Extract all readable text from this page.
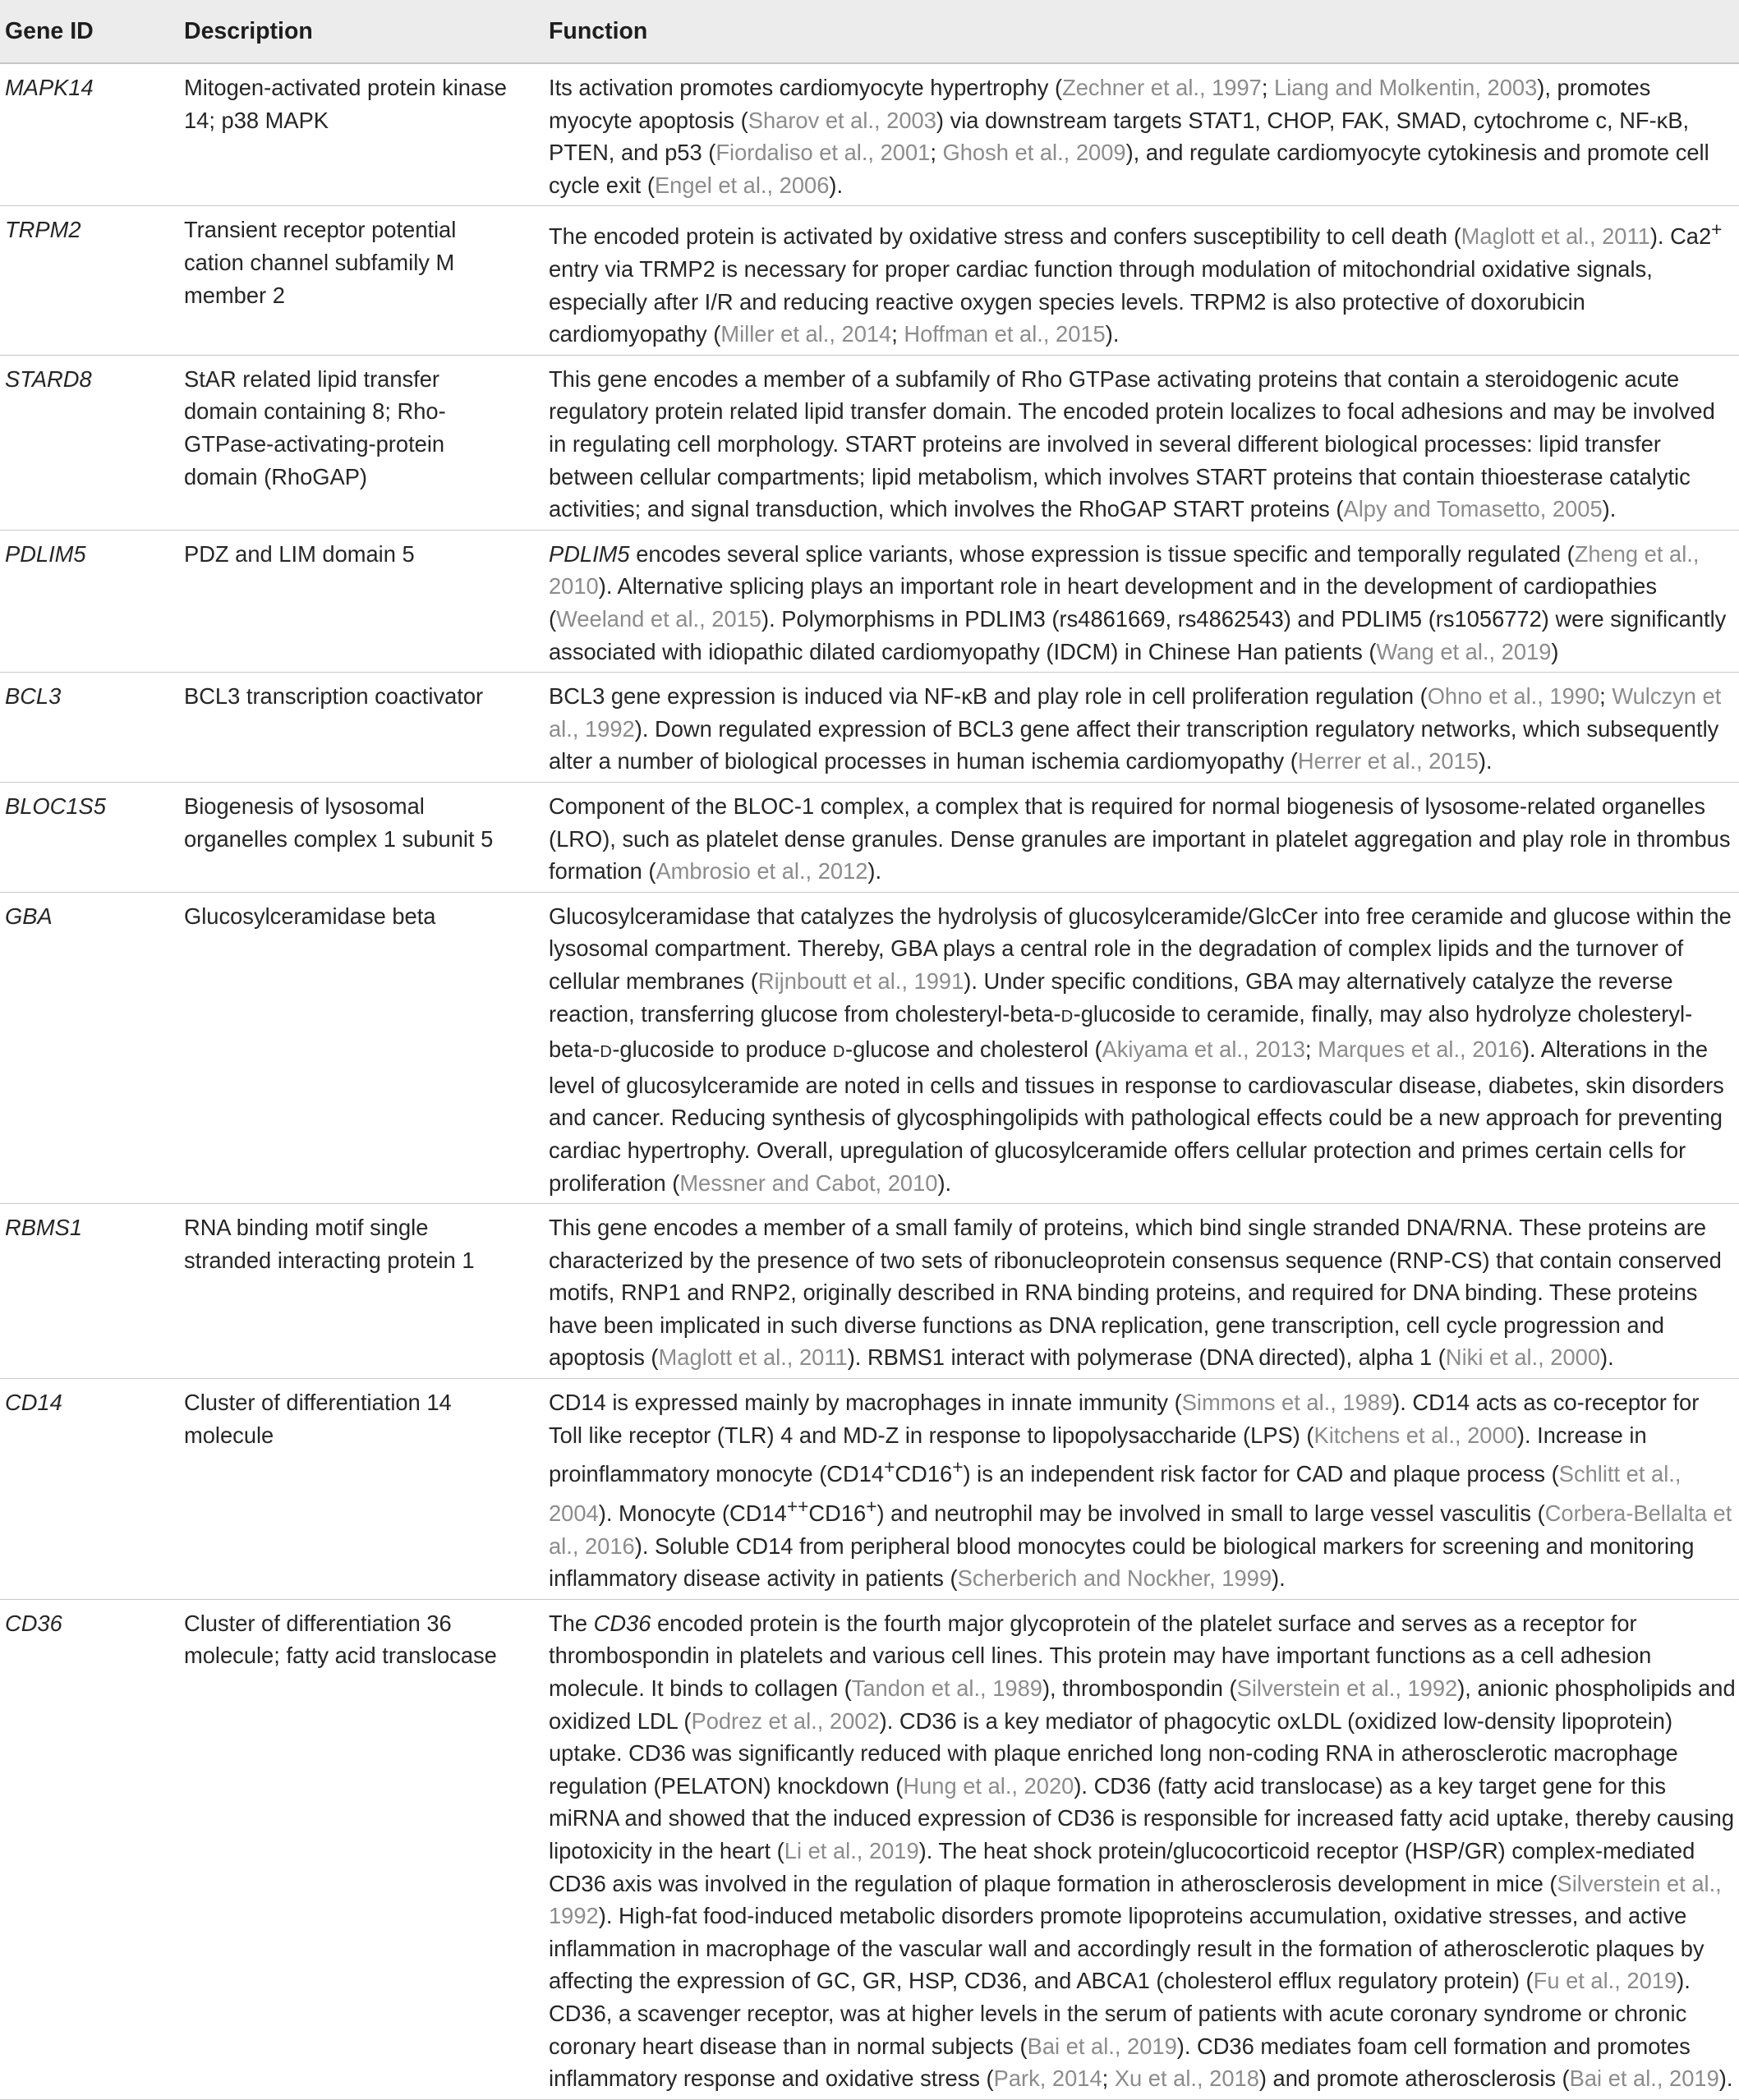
Gene ID	Description	Function
MAPK14	Mitogen-activated protein kinase 14; p38 MAPK	Its activation promotes cardiomyocyte hypertrophy (Zechner et al., 1997; Liang and Molkentin, 2003), promotes myocyte apoptosis (Sharov et al., 2003) via downstream targets STAT1, CHOP, FAK, SMAD, cytochrome c, NF-κB, PTEN, and p53 (Fiordaliso et al., 2001; Ghosh et al., 2009), and regulate cardiomyocyte cytokinesis and promote cell cycle exit (Engel et al., 2006).
TRPM2	Transient receptor potential cation channel subfamily M member 2	The encoded protein is activated by oxidative stress and confers susceptibility to cell death (Maglott et al., 2011). Ca2+ entry via TRMP2 is necessary for proper cardiac function through modulation of mitochondrial oxidative signals, especially after I/R and reducing reactive oxygen species levels. TRPM2 is also protective of doxorubicin cardiomyopathy (Miller et al., 2014; Hoffman et al., 2015).
STARD8	StAR related lipid transfer domain containing 8; Rho-GTPase-activating-protein domain (RhoGAP)	This gene encodes a member of a subfamily of Rho GTPase activating proteins that contain a steroidogenic acute regulatory protein related lipid transfer domain. The encoded protein localizes to focal adhesions and may be involved in regulating cell morphology. START proteins are involved in several different biological processes: lipid transfer between cellular compartments; lipid metabolism, which involves START proteins that contain thioesterase catalytic activities; and signal transduction, which involves the RhoGAP START proteins (Alpy and Tomasetto, 2005).
PDLIM5	PDZ and LIM domain 5	PDLIM5 encodes several splice variants, whose expression is tissue specific and temporally regulated (Zheng et al., 2010). Alternative splicing plays an important role in heart development and in the development of cardiopathies (Weeland et al., 2015). Polymorphisms in PDLIM3 (rs4861669, rs4862543) and PDLIM5 (rs1056772) were significantly associated with idiopathic dilated cardiomyopathy (IDCM) in Chinese Han patients (Wang et al., 2019)
BCL3	BCL3 transcription coactivator	BCL3 gene expression is induced via NF-κB and play role in cell proliferation regulation (Ohno et al., 1990; Wulczyn et al., 1992). Down regulated expression of BCL3 gene affect their transcription regulatory networks, which subsequently alter a number of biological processes in human ischemia cardiomyopathy (Herrer et al., 2015).
BLOC1S5	Biogenesis of lysosomal organelles complex 1 subunit 5	Component of the BLOC-1 complex, a complex that is required for normal biogenesis of lysosome-related organelles (LRO), such as platelet dense granules. Dense granules are important in platelet aggregation and play role in thrombus formation (Ambrosio et al., 2012).
GBA	Glucosylceramidase beta	Glucosylceramidase that catalyzes the hydrolysis of glucosylceramide/GlcCer into free ceramide and glucose within the lysosomal compartment. Thereby, GBA plays a central role in the degradation of complex lipids and the turnover of cellular membranes (Rijnboutt et al., 1991). Under specific conditions, GBA may alternatively catalyze the reverse reaction, transferring glucose from cholesteryl-beta-D-glucoside to ceramide, finally, may also hydrolyze cholesteryl-beta-D-glucoside to produce D-glucose and cholesterol (Akiyama et al., 2013; Marques et al., 2016). Alterations in the level of glucosylceramide are noted in cells and tissues in response to cardiovascular disease, diabetes, skin disorders and cancer. Reducing synthesis of glycosphingolipids with pathological effects could be a new approach for preventing cardiac hypertrophy. Overall, upregulation of glucosylceramide offers cellular protection and primes certain cells for proliferation (Messner and Cabot, 2010).
RBMS1	RNA binding motif single stranded interacting protein 1	This gene encodes a member of a small family of proteins, which bind single stranded DNA/RNA. These proteins are characterized by the presence of two sets of ribonucleoprotein consensus sequence (RNP-CS) that contain conserved motifs, RNP1 and RNP2, originally described in RNA binding proteins, and required for DNA binding. These proteins have been implicated in such diverse functions as DNA replication, gene transcription, cell cycle progression and apoptosis (Maglott et al., 2011). RBMS1 interact with polymerase (DNA directed), alpha 1 (Niki et al., 2000).
CD14	Cluster of differentiation 14 molecule	CD14 is expressed mainly by macrophages in innate immunity (Simmons et al., 1989). CD14 acts as co-receptor for Toll like receptor (TLR) 4 and MD-Z in response to lipopolysaccharide (LPS) (Kitchens et al., 2000). Increase in proinflammatory monocyte (CD14+CD16+) is an independent risk factor for CAD and plaque process (Schlitt et al., 2004). Monocyte (CD14++CD16+) and neutrophil may be involved in small to large vessel vasculitis (Corbera-Bellalta et al., 2016). Soluble CD14 from peripheral blood monocytes could be biological markers for screening and monitoring inflammatory disease activity in patients (Scherberich and Nockher, 1999).
CD36	Cluster of differentiation 36 molecule; fatty acid translocase	The CD36 encoded protein is the fourth major glycoprotein of the platelet surface and serves as a receptor for thrombospondin in platelets and various cell lines. This protein may have important functions as a cell adhesion molecule. It binds to collagen (Tandon et al., 1989), thrombospondin (Silverstein et al., 1992), anionic phospholipids and oxidized LDL (Podrez et al., 2002). CD36 is a key mediator of phagocytic oxLDL (oxidized low-density lipoprotein) uptake. CD36 was significantly reduced with plaque enriched long non-coding RNA in atherosclerotic macrophage regulation (PELATON) knockdown (Hung et al., 2020). CD36 (fatty acid translocase) as a key target gene for this miRNA and showed that the induced expression of CD36 is responsible for increased fatty acid uptake, thereby causing lipotoxicity in the heart (Li et al., 2019). The heat shock protein/glucocorticoid receptor (HSP/GR) complex-mediated CD36 axis was involved in the regulation of plaque formation in atherosclerosis development in mice (Silverstein et al., 1992). High-fat food-induced metabolic disorders promote lipoproteins accumulation, oxidative stresses, and active inflammation in macrophage of the vascular wall and accordingly result in the formation of atherosclerotic plaques by affecting the expression of GC, GR, HSP, CD36, and ABCA1 (cholesterol efflux regulatory protein) (Fu et al., 2019). CD36, a scavenger receptor, was at higher levels in the serum of patients with acute coronary syndrome or chronic coronary heart disease than in normal subjects (Bai et al., 2019). CD36 mediates foam cell formation and promotes inflammatory response and oxidative stress (Park, 2014; Xu et al., 2018) and promote atherosclerosis (Bai et al., 2019).
